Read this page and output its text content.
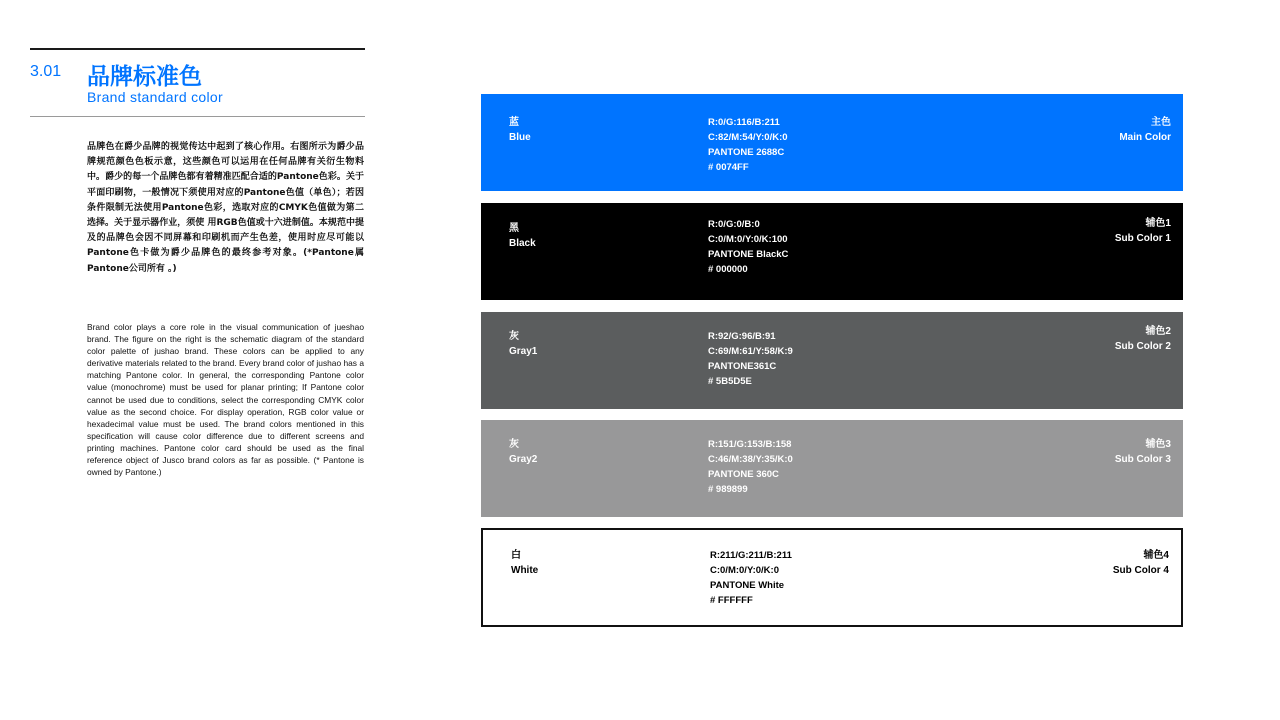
3.01 品牌标准色
Brand standard color

品牌色在爵少品牌的视觉传达中起到了核心作用。右图所示为爵少品牌规范颜色色板示意，这些颜色可以运用在任何品牌有关衍生物料中。爵少的每一个品牌色都有着精准匹配合适的Pantone色彩。关于平面印刷物，一般情况下须使用对应的Pantone色值（单色）；若因条件限制无法使用Pantone色彩，选取对应的CMYK色值做为第二选择。关于显示器作业，须使 用RGB色值或十六进制值。本规范中提及的品牌色会因不同屏幕和印刷机而产生色差，使用时应尽可能以Pantone色卡做为爵少品牌色的最终参考对象。(*Pantone属Pantone公司所有 。)

Brand color plays a core role in the visual communication of jueshao brand. The figure on the right is the schematic diagram of the standard color palette of jushao brand. These colors can be applied to any derivative materials related to the brand. Every brand color of jushao has a matching Pantone color. In general, the corresponding Pantone color value (monochrome) must be used for planar printing; If Pantone color cannot be used due to conditions, select the corresponding CMYK color value as the second choice. For display operation, RGB color value or hexadecimal value must be used. The brand colors mentioned in this specification will cause color difference due to different screens and printing machines. Pantone color card should be used as the final reference object of Jusco brand colors as far as possible. (* Pantone is owned by Pantone.)

蓝
Blue
R:0/G:116/B:211
C:82/M:54/Y:0/K:0
PANTONE 2688C
# 0074FF
主色
Main Color
黑
Black
R:0/G:0/B:0
C:0/M:0/Y:0/K:100
PANTONE BlackC
# 000000
辅色1
Sub Color 1
灰
Gray1
R:92/G:96/B:91
C:69/M:61/Y:58/K:9
PANTONE361C
# 5B5D5E
辅色2
Sub Color 2
灰
Gray2
R:151/G:153/B:158
C:46/M:38/Y:35/K:0
PANTONE 360C
# 989899
辅色3
Sub Color 3
白
White
R:211/G:211/B:211
C:0/M:0/Y:0/K:0
PANTONE White
# FFFFFF
辅色4
Sub Color 4
